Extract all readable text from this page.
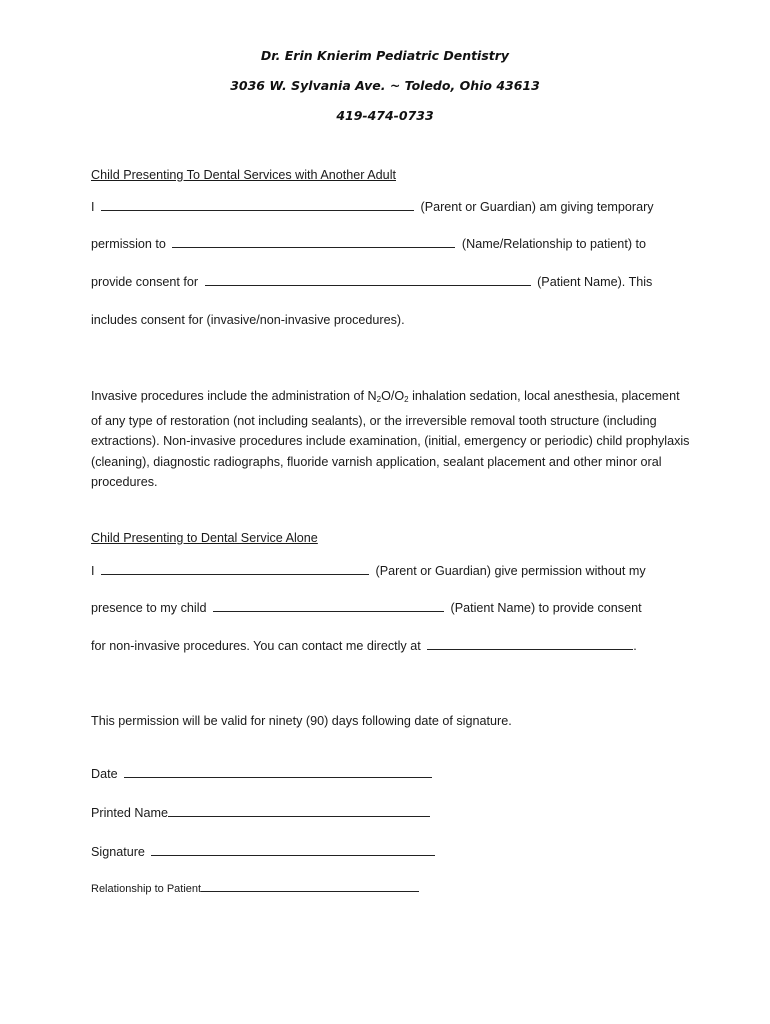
Dr. Erin Knierim Pediatric Dentistry
3036 W. Sylvania Ave. ~ Toledo, Ohio 43613
419-474-0733
Child Presenting To Dental Services with Another Adult
I	(Parent or Guardian) am giving temporary
permission to	(Name/Relationship to patient) to
provide consent for	(Patient Name). This
includes consent for (invasive/non-invasive procedures).
Invasive procedures include the administration of $N_2O/O_2$ inhalation sedation, local anesthesia, placement of any type of restoration (not including sealants), or the irreversible removal tooth structure (including extractions). Non-invasive procedures include examination, (initial, emergency or periodic) child prophylaxis (cleaning), diagnostic radiographs, fluoride varnish application, sealant placement and other minor oral procedures.
Child Presenting to Dental Service Alone
I	(Parent or Guardian) give permission without my
presence to my child	(Patient Name) to provide consent
for non-invasive procedures. You can contact me directly at	.
This permission will be valid for ninety (90) days following date of signature.
Date
Printed Name
Signature
Relationship to Patient
